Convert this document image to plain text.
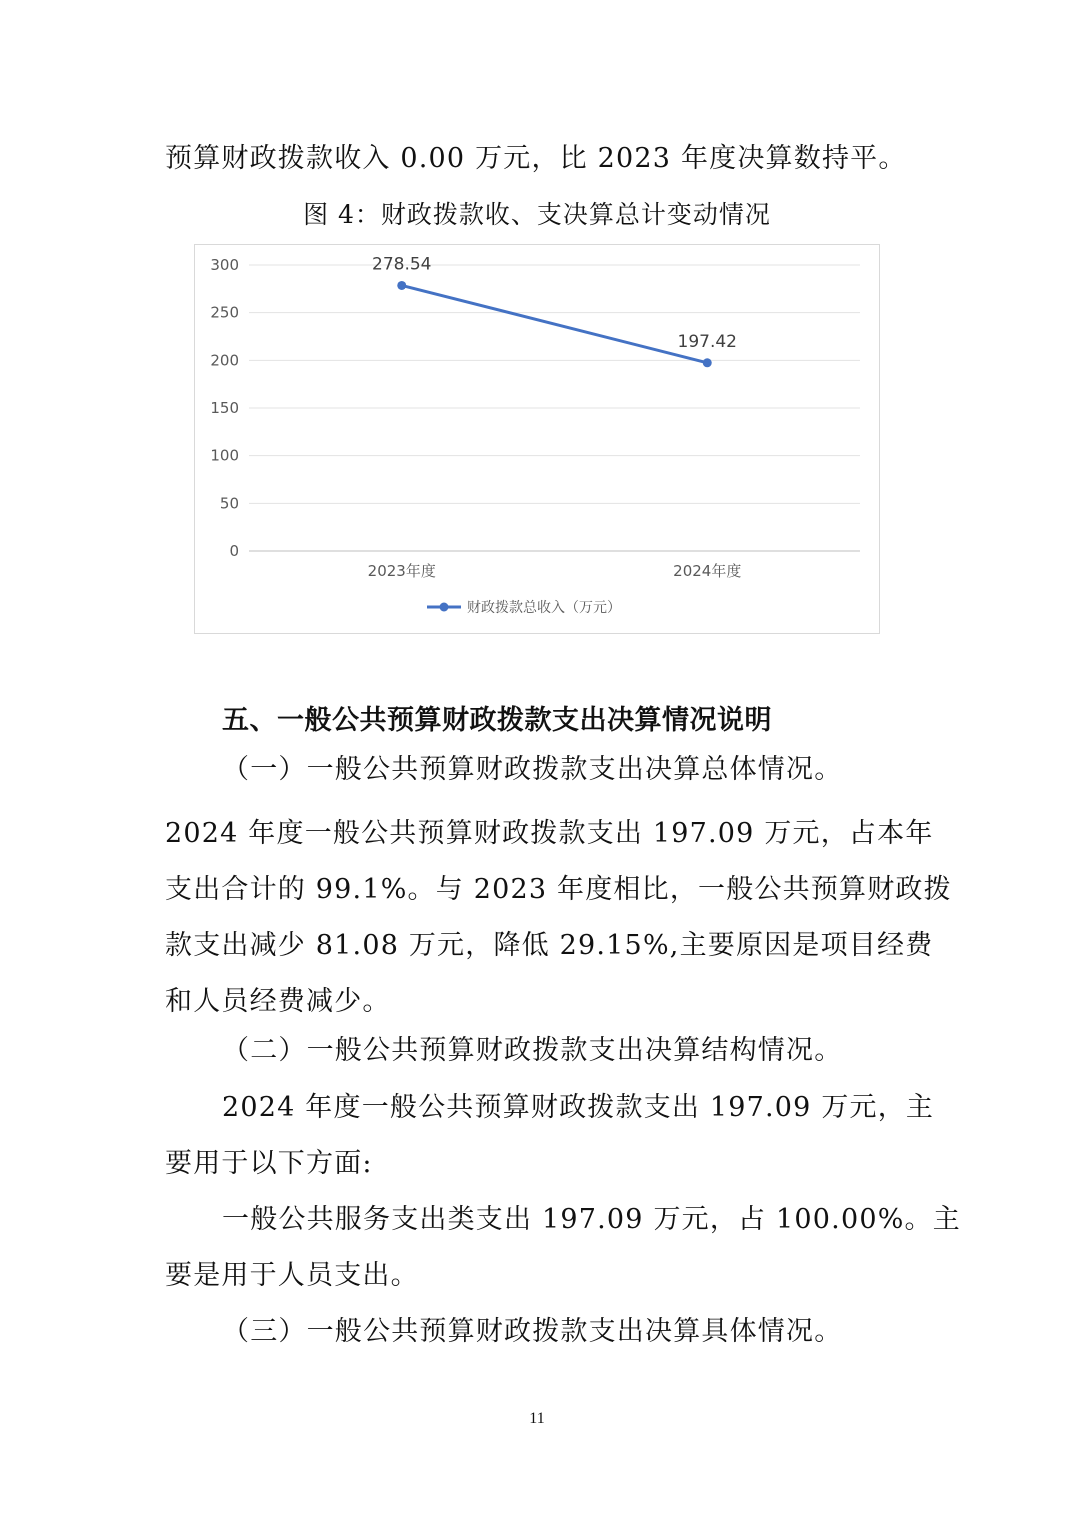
预算财政拨款收入 0.00 万元，比 2023 年度决算数持平。
图 4：财政拨款收、支决算总计变动情况
0
50
100
150
200
250
300
2023年度	2024年度
278.54
197.42
财政拨款总收入（万元）
五、一般公共预算财政拨款支出决算情况说明
（一）一般公共预算财政拨款支出决算总体情况。
2024 年度一般公共预算财政拨款支出 197.09 万元，占本年
支出合计的 99.1%。与 2023 年度相比，一般公共预算财政拨
款支出减少 81.08 万元，降低 29.15%,主要原因是项目经费
和人员经费减少。
（二）一般公共预算财政拨款支出决算结构情况。
2024 年度一般公共预算财政拨款支出 197.09 万元，主
要用于以下方面:
一般公共服务支出类支出 197.09 万元，占 100.00%。主
要是用于人员支出。
（三）一般公共预算财政拨款支出决算具体情况。
11
